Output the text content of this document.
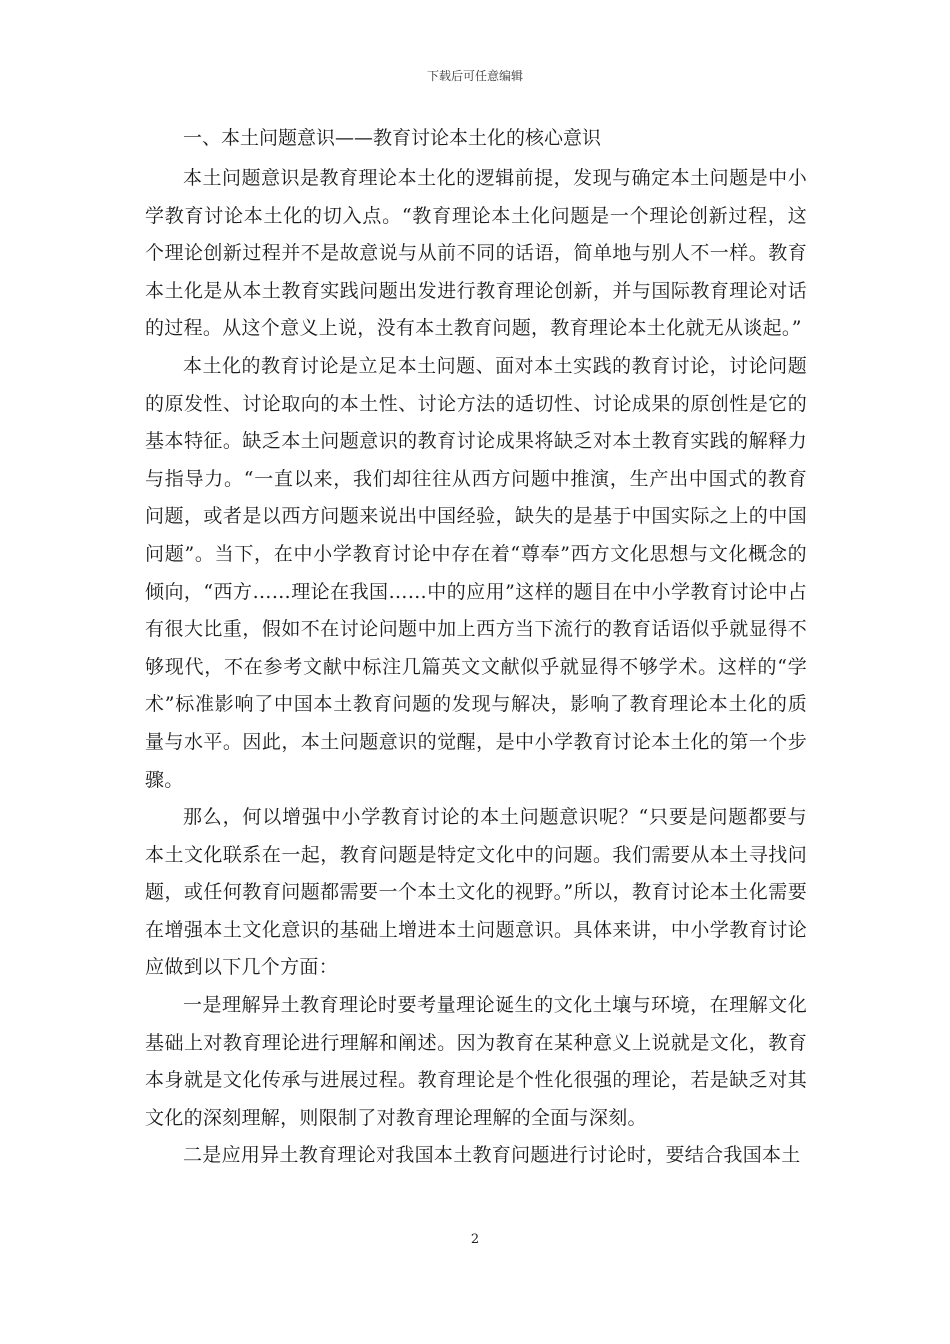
下载后可任意编辑
一、本土问题意识——教育讨论本土化的核心意识

本土问题意识是教育理论本土化的逻辑前提，发现与确定本土问题是中小学教育讨论本土化的切入点。“教育理论本土化问题是一个理论创新过程，这个理论创新过程并不是故意说与从前不同的话语，简单地与别人不一样。教育本土化是从本土教育实践问题出发进行教育理论创新，并与国际教育理论对话的过程。从这个意义上说，没有本土教育问题，教育理论本土化就无从谈起。”

本土化的教育讨论是立足本土问题、面对本土实践的教育讨论，讨论问题的原发性、讨论取向的本土性、讨论方法的适切性、讨论成果的原创性是它的基本特征。缺乏本土问题意识的教育讨论成果将缺乏对本土教育实践的解释力与指导力。“一直以来，我们却往往从西方问题中推演，生产出中国式的教育问题，或者是以西方问题来说出中国经验，缺失的是基于中国实际之上的中国问题”。当下，在中小学教育讨论中存在着“尊奉”西方文化思想与文化概念的倾向，“西方……理论在我国……中的应用”这样的题目在中小学教育讨论中占有很大比重，假如不在讨论问题中加上西方当下流行的教育话语似乎就显得不够现代，不在参考文献中标注几篇英文文献似乎就显得不够学术。这样的“学术”标准影响了中国本土教育问题的发现与解决，影响了教育理论本土化的质量与水平。因此，本土问题意识的觉醒，是中小学教育讨论本土化的第一个步骤。

那么，何以增强中小学教育讨论的本土问题意识呢？“只要是问题都要与本土文化联系在一起，教育问题是特定文化中的问题。我们需要从本土寻找问题，或任何教育问题都需要一个本土文化的视野。”所以，教育讨论本土化需要在增强本土文化意识的基础上增进本土问题意识。具体来讲，中小学教育讨论应做到以下几个方面：

一是理解异土教育理论时要考量理论诞生的文化土壤与环境，在理解文化基础上对教育理论进行理解和阐述。因为教育在某种意义上说就是文化，教育本身就是文化传承与进展过程。教育理论是个性化很强的理论，若是缺乏对其文化的深刻理解，则限制了对教育理论理解的全面与深刻。

二是应用异土教育理论对我国本土教育问题进行讨论时，要结合我国本土

2
